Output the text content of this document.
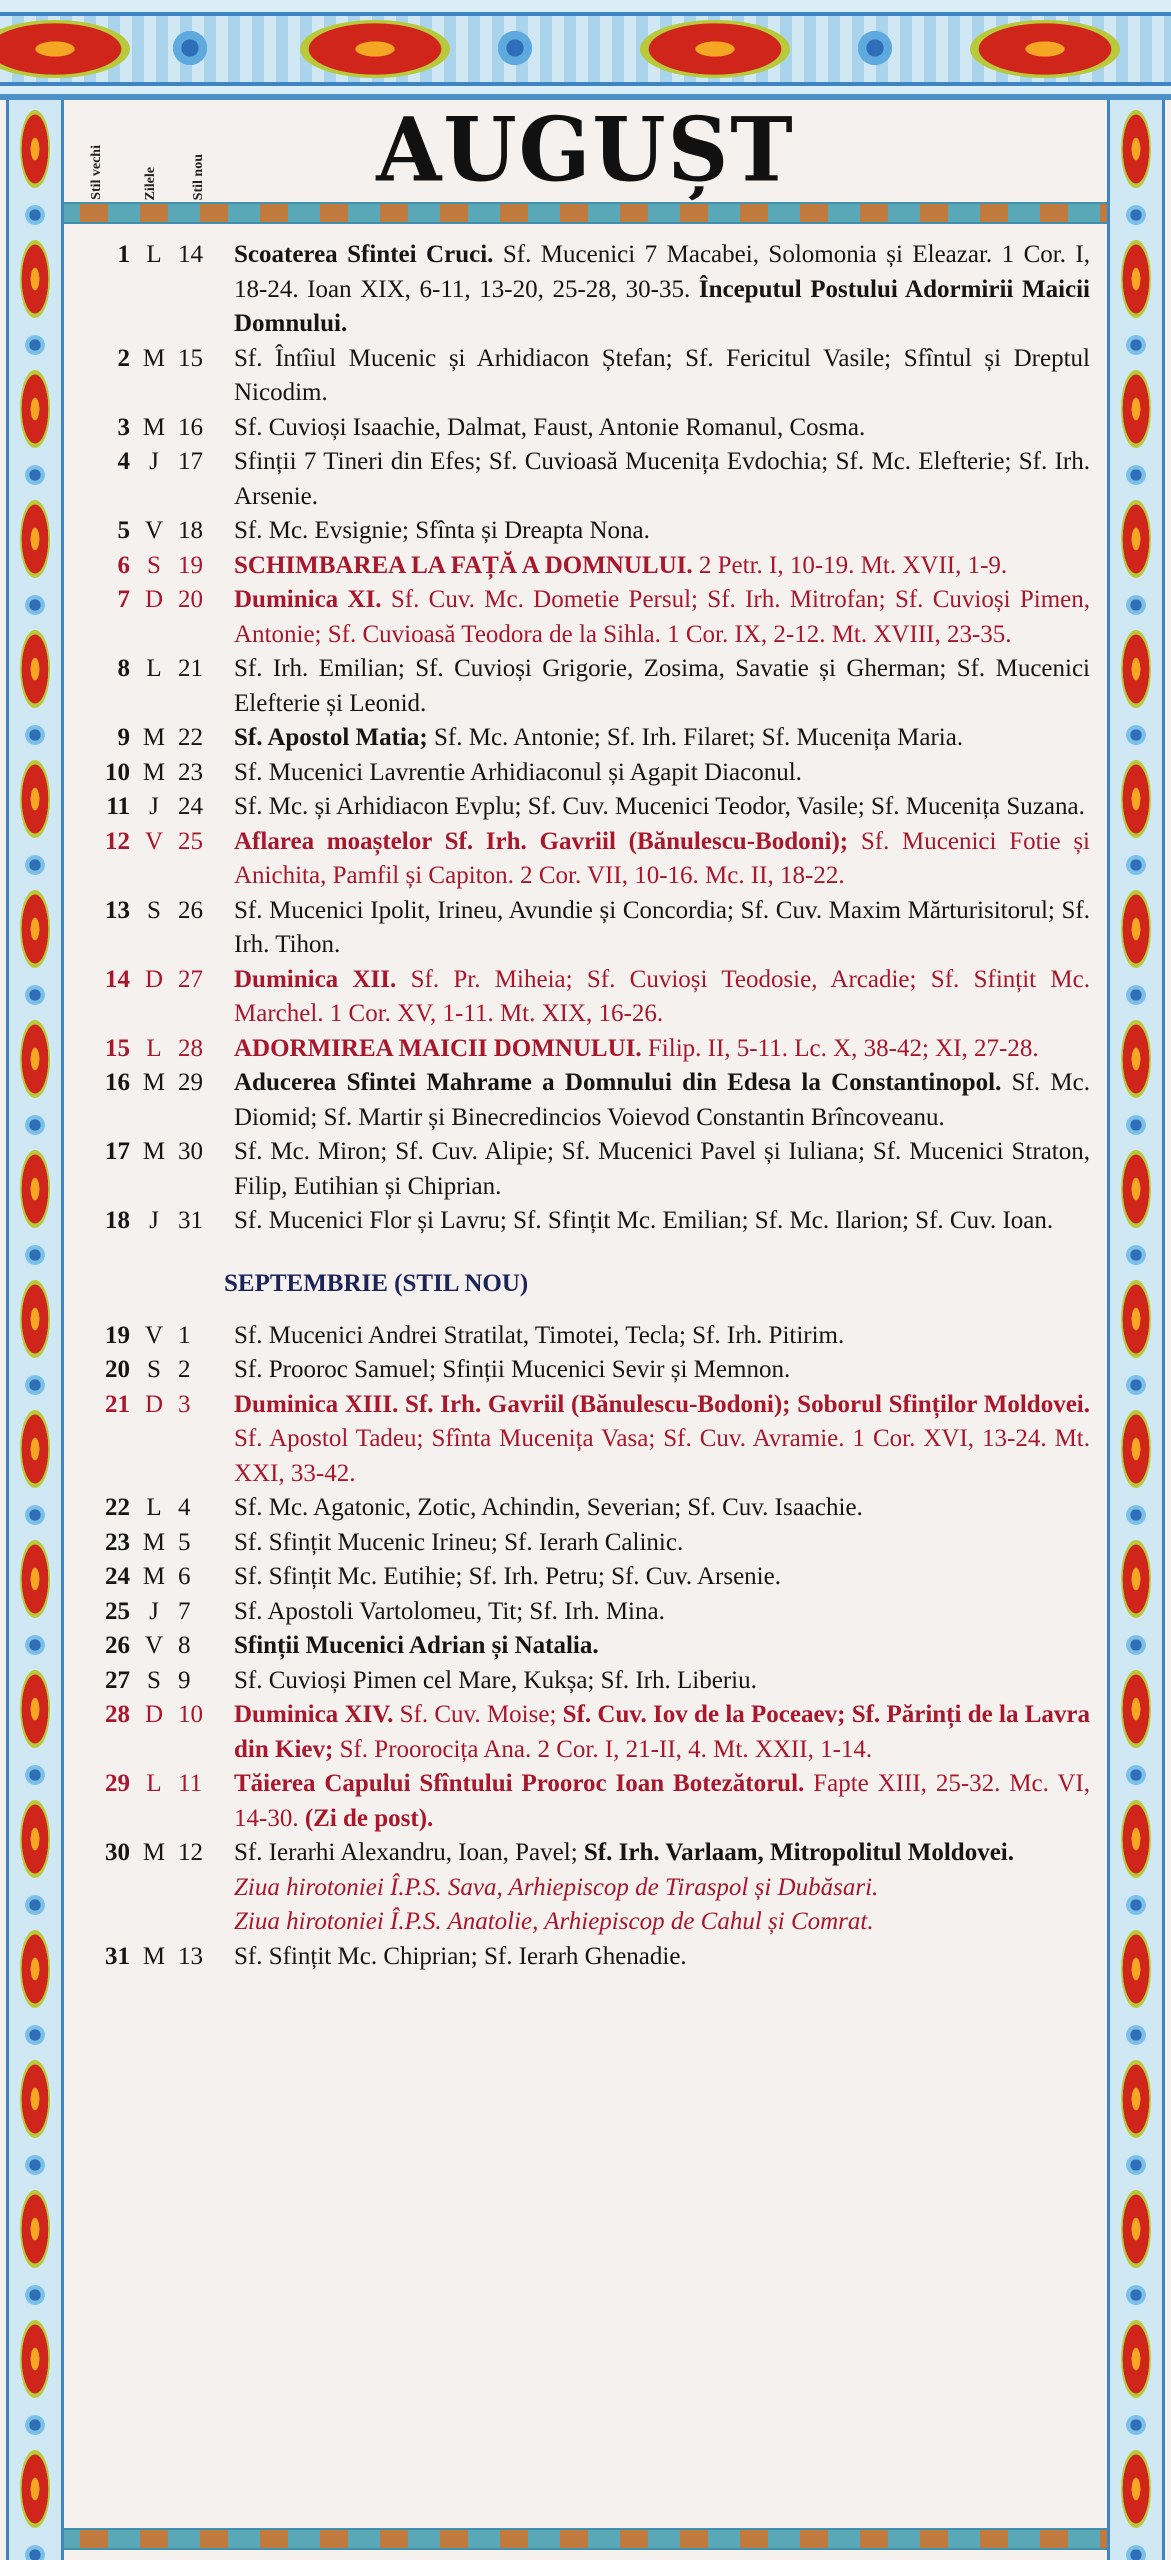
Stil vechi	Zilele Stil nou	AUGUȘT
1 L 14	Scoaterea Sfintei Cruci. Sf. Mucenici 7 Macabei, Solomonia și Eleazar. 1 Cor. I, 18-24. Ioan XIX, 6-11, 13-20, 25-28, 30-35. Începutul Postului Adormirii Maicii Domnului.
2 M 15	Sf. Întîiul Mucenic și Arhidiacon Ștefan; Sf. Fericitul Vasile; Sfîntul și Dreptul Nicodim.
3 M 16	Sf. Cuvioși Isaachie, Dalmat, Faust, Antonie Romanul, Cosma.
4 J 17	Sfinții 7 Tineri din Efes; Sf. Cuvioasă Mucenița Evdochia; Sf. Mc. Elefterie; Sf. Irh. Arsenie.
5 V 18	Sf. Mc. Evsignie; Sfînta și Dreapta Nona.
6 S 19	SCHIMBAREA LA FAȚĂ A DOMNULUI. 2 Petr. I, 10-19. Mt. XVII, 1-9.
7 D 20	Duminica XI. Sf. Cuv. Mc. Dometie Persul; Sf. Irh. Mitrofan; Sf. Cuvioși Pimen, Antonie; Sf. Cuvioasă Teodora de la Sihla. 1 Cor. IX, 2-12. Mt. XVIII, 23-35.
8 L 21	Sf. Irh. Emilian; Sf. Cuvioși Grigorie, Zosima, Savatie și Gherman; Sf. Mucenici Elefterie și Leonid.
9 M 22	Sf. Apostol Matia; Sf. Mc. Antonie; Sf. Irh. Filaret; Sf. Mucenița Maria.
10 M 23	Sf. Mucenici Lavrentie Arhidiaconul și Agapit Diaconul.
11 J 24	Sf. Mc. și Arhidiacon Evplu; Sf. Cuv. Mucenici Teodor, Vasile; Sf. Mucenița Suzana.
12 V 25	Aflarea moaștelor Sf. Irh. Gavriil (Bănulescu-Bodoni); Sf. Mucenici Fotie și Anichita, Pamfil și Capiton. 2 Cor. VII, 10-16. Mc. II, 18-22.
13 S 26	Sf. Mucenici Ipolit, Irineu, Avundie și Concordia; Sf. Cuv. Maxim Mărturisitorul; Sf. Irh. Tihon.
14 D 27	Duminica XII. Sf. Pr. Miheia; Sf. Cuvioși Teodosie, Arcadie; Sf. Sfințit Mc. Marchel. 1 Cor. XV, 1-11. Mt. XIX, 16-26.
15 L 28	ADORMIREA MAICII DOMNULUI. Filip. II, 5-11. Lc. X, 38-42; XI, 27-28.
16 M 29	Aducerea Sfintei Mahrame a Domnului din Edesa la Constantinopol. Sf. Mc. Diomid; Sf. Martir și Binecredincios Voievod Constantin Brîncoveanu.
17 M 30	Sf. Mc. Miron; Sf. Cuv. Alipie; Sf. Mucenici Pavel și Iuliana; Sf. Mucenici Straton, Filip, Eutihian și Chiprian.
18 J 31	Sf. Mucenici Flor și Lavru; Sf. Sfințit Mc. Emilian; Sf. Mc. Ilarion; Sf. Cuv. Ioan.
SEPTEMBRIE (STIL NOU)
19 V 1	Sf. Mucenici Andrei Stratilat, Timotei, Tecla; Sf. Irh. Pitirim.
20 S 2	Sf. Prooroc Samuel; Sfinții Mucenici Sevir și Memnon.
21 D 3	Duminica XIII. Sf. Irh. Gavriil (Bănulescu-Bodoni); Soborul Sfinților Moldovei. Sf. Apostol Tadeu; Sfînta Mucenița Vasa; Sf. Cuv. Avramie. 1 Cor. XVI, 13-24. Mt. XXI, 33-42.
22 L 4	Sf. Mc. Agatonic, Zotic, Achindin, Severian; Sf. Cuv. Isaachie.
23 M 5	Sf. Sfințit Mucenic Irineu; Sf. Ierarh Calinic.
24 M 6	Sf. Sfințit Mc. Eutihie; Sf. Irh. Petru; Sf. Cuv. Arsenie.
25 J 7	Sf. Apostoli Vartolomeu, Tit; Sf. Irh. Mina.
26 V 8	Sfinții Mucenici Adrian și Natalia.
27 S 9	Sf. Cuvioși Pimen cel Mare, Kukșa; Sf. Irh. Liberiu.
28 D 10	Duminica XIV. Sf. Cuv. Moise; Sf. Cuv. Iov de la Poceaev; Sf. Părinți de la Lavra din Kiev; Sf. Proorocița Ana. 2 Cor. I, 21-II, 4. Mt. XXII, 1-14.
29 L 11	Tăierea Capului Sfîntului Prooroc Ioan Botezătorul. Fapte XIII, 25-32. Mc. VI, 14-30. (Zi de post).
30 M 12	Sf. Ierarhi Alexandru, Ioan, Pavel; Sf. Irh. Varlaam, Mitropolitul Moldovei.
Ziua hirotoniei Î.P.S. Sava, Arhiepiscop de Tiraspol și Dubăsari.
Ziua hirotoniei Î.P.S. Anatolie, Arhiepiscop de Cahul și Comrat.
31 M 13	Sf. Sfințit Mc. Chiprian; Sf. Ierarh Ghenadie.
